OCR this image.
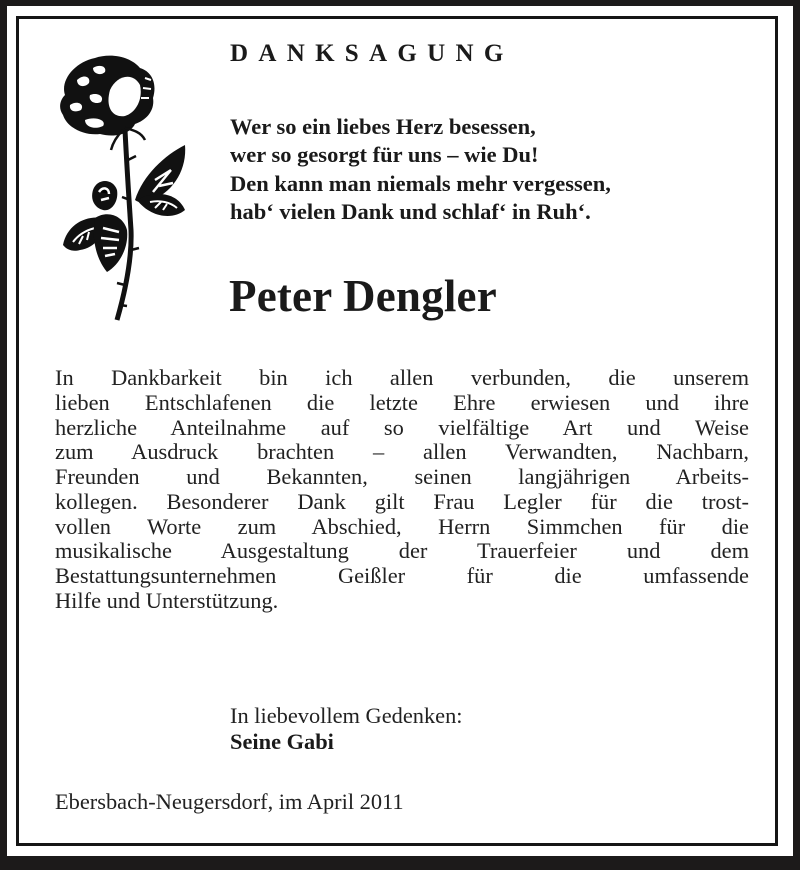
DANKSAGUNG
Wer so ein liebes Herz besessen,
wer so gesorgt für uns – wie Du!
Den kann man niemals mehr vergessen,
hab‘ vielen Dank und schlaf‘ in Ruh‘.
Peter Dengler
In Dankbarkeit bin ich allen verbunden, die unserem
lieben Entschlafenen die letzte Ehre erwiesen und ihre
herzliche Anteilnahme auf so vielfältige Art und Weise
zum Ausdruck brachten – allen Verwandten, Nachbarn,
Freunden und Bekannten, seinen langjährigen Arbeits-
kollegen. Besonderer Dank gilt Frau Legler für die trost-
vollen Worte zum Abschied, Herrn Simmchen für die
musikalische Ausgestaltung der Trauerfeier und dem
Bestattungsunternehmen Geißler für die umfassende
Hilfe und Unterstützung.
In liebevollem Gedenken:
Seine Gabi
Ebersbach-Neugersdorf, im April 2011
